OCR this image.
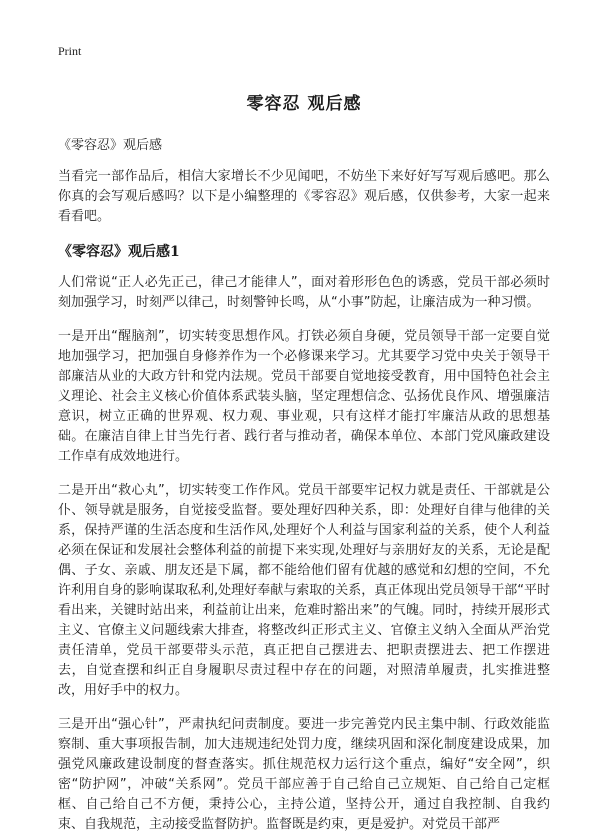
Print
零容忍 观后感

《零容忍》观后感

当看完一部作品后，相信大家增长不少见闻吧，不妨坐下来好好写写观后感吧。那么你真的会写观后感吗？以下是小编整理的《零容忍》观后感，仅供参考，大家一起来看看吧。

《零容忍》观后感1

人们常说“正人必先正己，律己才能律人”，面对着形形色色的诱惑，党员干部必须时刻加强学习，时刻严以律己，时刻警钟长鸣，从“小事”防起，让廉洁成为一种习惯。

一是开出“醒脑剂”，切实转变思想作风。打铁必须自身硬，党员领导干部一定要自觉地加强学习，把加强自身修养作为一个必修课来学习。尤其要学习党中央关于领导干部廉洁从业的大政方针和党内法规。党员干部要自觉地接受教育，用中国特色社会主义理论、社会主义核心价值体系武装头脑，坚定理想信念、弘扬优良作风、增强廉洁意识，树立正确的世界观、权力观、事业观，只有这样才能打牢廉洁从政的思想基础。在廉洁自律上甘当先行者、践行者与推动者，确保本单位、本部门党风廉政建设工作卓有成效地进行。

二是开出“救心丸”，切实转变工作作风。党员干部要牢记权力就是责任、干部就是公仆、领导就是服务，自觉接受监督。要处理好四种关系，即：处理好自律与他律的关系，保持严谨的生活态度和生活作风,处理好个人利益与国家利益的关系，使个人利益必须在保证和发展社会整体利益的前提下来实现,处理好与亲朋好友的关系，无论是配偶、子女、亲戚、朋友还是下属，都不能给他们留有优越的感觉和幻想的空间，不允许利用自身的影响谋取私利,处理好奉献与索取的关系，真正体现出党员领导干部“平时看出来，关键时站出来，利益前让出来，危难时豁出来”的气魄。同时，持续开展形式主义、官僚主义问题线索大排查，将整改纠正形式主义、官僚主义纳入全面从严治党责任清单，党员干部要带头示范，真正把自己摆进去、把职责摆进去、把工作摆进去，自觉查摆和纠正自身履职尽责过程中存在的问题，对照清单履责，扎实推进整改，用好手中的权力。

三是开出“强心针”，严肃执纪问责制度。要进一步完善党内民主集中制、行政效能监察制、重大事项报告制，加大违规违纪处罚力度，继续巩固和深化制度建设成果，加强党风廉政建设制度的督查落实。抓住规范权力运行这个重点，编好“安全网”，织密“防护网”，冲破“关系网”。党员干部应善于自己给自己立规矩、自己给自己定框框、自己给自己不方便，秉持公心，主持公道，坚持公开，通过自我控制、自我约束、自我规范，主动接受监督防护。监督既是约束，更是爱护。对党员干部严
